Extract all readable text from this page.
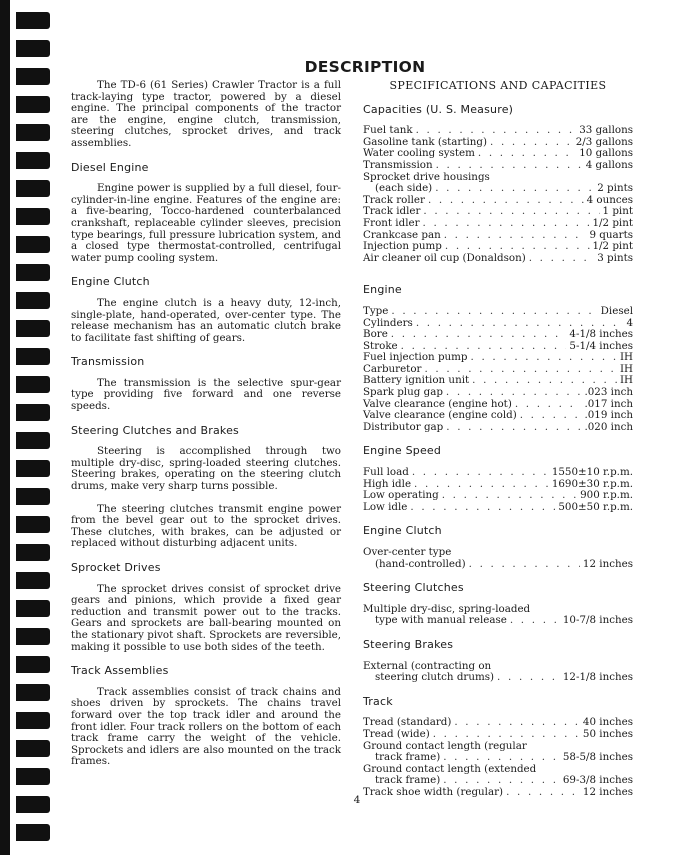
DESCRIPTION

The TD-6 (61 Series) Crawler Tractor is a full track-laying type tractor, powered by a diesel engine. The principal components of the tractor are the engine, engine clutch, transmission, steering clutches, sprocket drives, and track assemblies.

Diesel Engine

Engine power is supplied by a full diesel, four-cylinder-in-line engine. Features of the engine are: a five-bearing, Tocco-hardened counterbalanced crankshaft, replaceable cylinder sleeves, precision type bearings, full pressure lubrication system, and a closed type thermostat-controlled, centrifugal water pump cooling system.

Engine Clutch

The engine clutch is a heavy duty, 12-inch, single-plate, hand-operated, over-center type. The release mechanism has an automatic clutch brake to facilitate fast shifting of gears.

Transmission

The transmission is the selective spur-gear type providing five forward and one reverse speeds.

Steering Clutches and Brakes

Steering is accomplished through two multiple dry-disc, spring-loaded steering clutches. Steering brakes, operating on the steering clutch drums, make very sharp turns possible.

The steering clutches transmit engine power from the bevel gear out to the sprocket drives. These clutches, with brakes, can be adjusted or replaced without disturbing adjacent units.

Sprocket Drives

The sprocket drives consist of sprocket drive gears and pinions, which provide a fixed gear reduction and transmit power out to the tracks. Gears and sprockets are ball-bearing mounted on the stationary pivot shaft. Sprockets are reversible, making it possible to use both sides of the teeth.

Track Assemblies

Track assemblies consist of track chains and shoes driven by sprockets. The chains travel forward over the top track idler and around the front idler. Four track rollers on the bottom of each track frame carry the weight of the vehicle. Sprockets and idlers are also mounted on the track frames.

SPECIFICATIONS AND CAPACITIES
Capacities (U. S. Measure)
Fuel tank . . .	33 gallons
Gasoline tank (starting) . . .	2/3 gallons
Water cooling system . . .	10 gallons
Transmission . . .	4 gallons
Sprocket drive housings
(each side) . . .	2 pints
Track roller . . .	4 ounces
Track idler . . .	1 pint
Front idler . . .	1/2 pint
Crankcase pan . . .	9 quarts
Injection pump . . .	1/2 pint
Air cleaner oil cup (Donaldson) . . .	3 pints
Engine
Type . . .	Diesel
Cylinders . . .	4
Bore . . .	4-1/8 inches
Stroke . . .	5-1/4 inches
Fuel injection pump . . .	IH
Carburetor . . .	IH
Battery ignition unit . . .	IH
Spark plug gap . . .	.023 inch
Valve clearance (engine hot) . . .	.017 inch
Valve clearance (engine cold) . . .	.019 inch
Distributor gap . . .	.020 inch
Engine Speed
Full load . . .	1550±10 r.p.m.
High idle . . .	1690±30 r.p.m.
Low operating . . .	900 r.p.m.
Low idle . . .	500±50 r.p.m.
Engine Clutch
Over-center type
(hand-controlled) . . .	12 inches
Steering Clutches
Multiple dry-disc, spring-loaded
type with manual release . . .	10-7/8 inches
Steering Brakes
External (contracting on
steering clutch drums) . . .	12-1/8 inches
Track
Tread (standard) . . .	40 inches
Tread (wide) . . .	50 inches
Ground contact length (regular
track frame) . . .	58-5/8 inches
Ground contact length (extended
track frame) . . .	69-3/8 inches
Track shoe width (regular) . . .	12 inches
4
